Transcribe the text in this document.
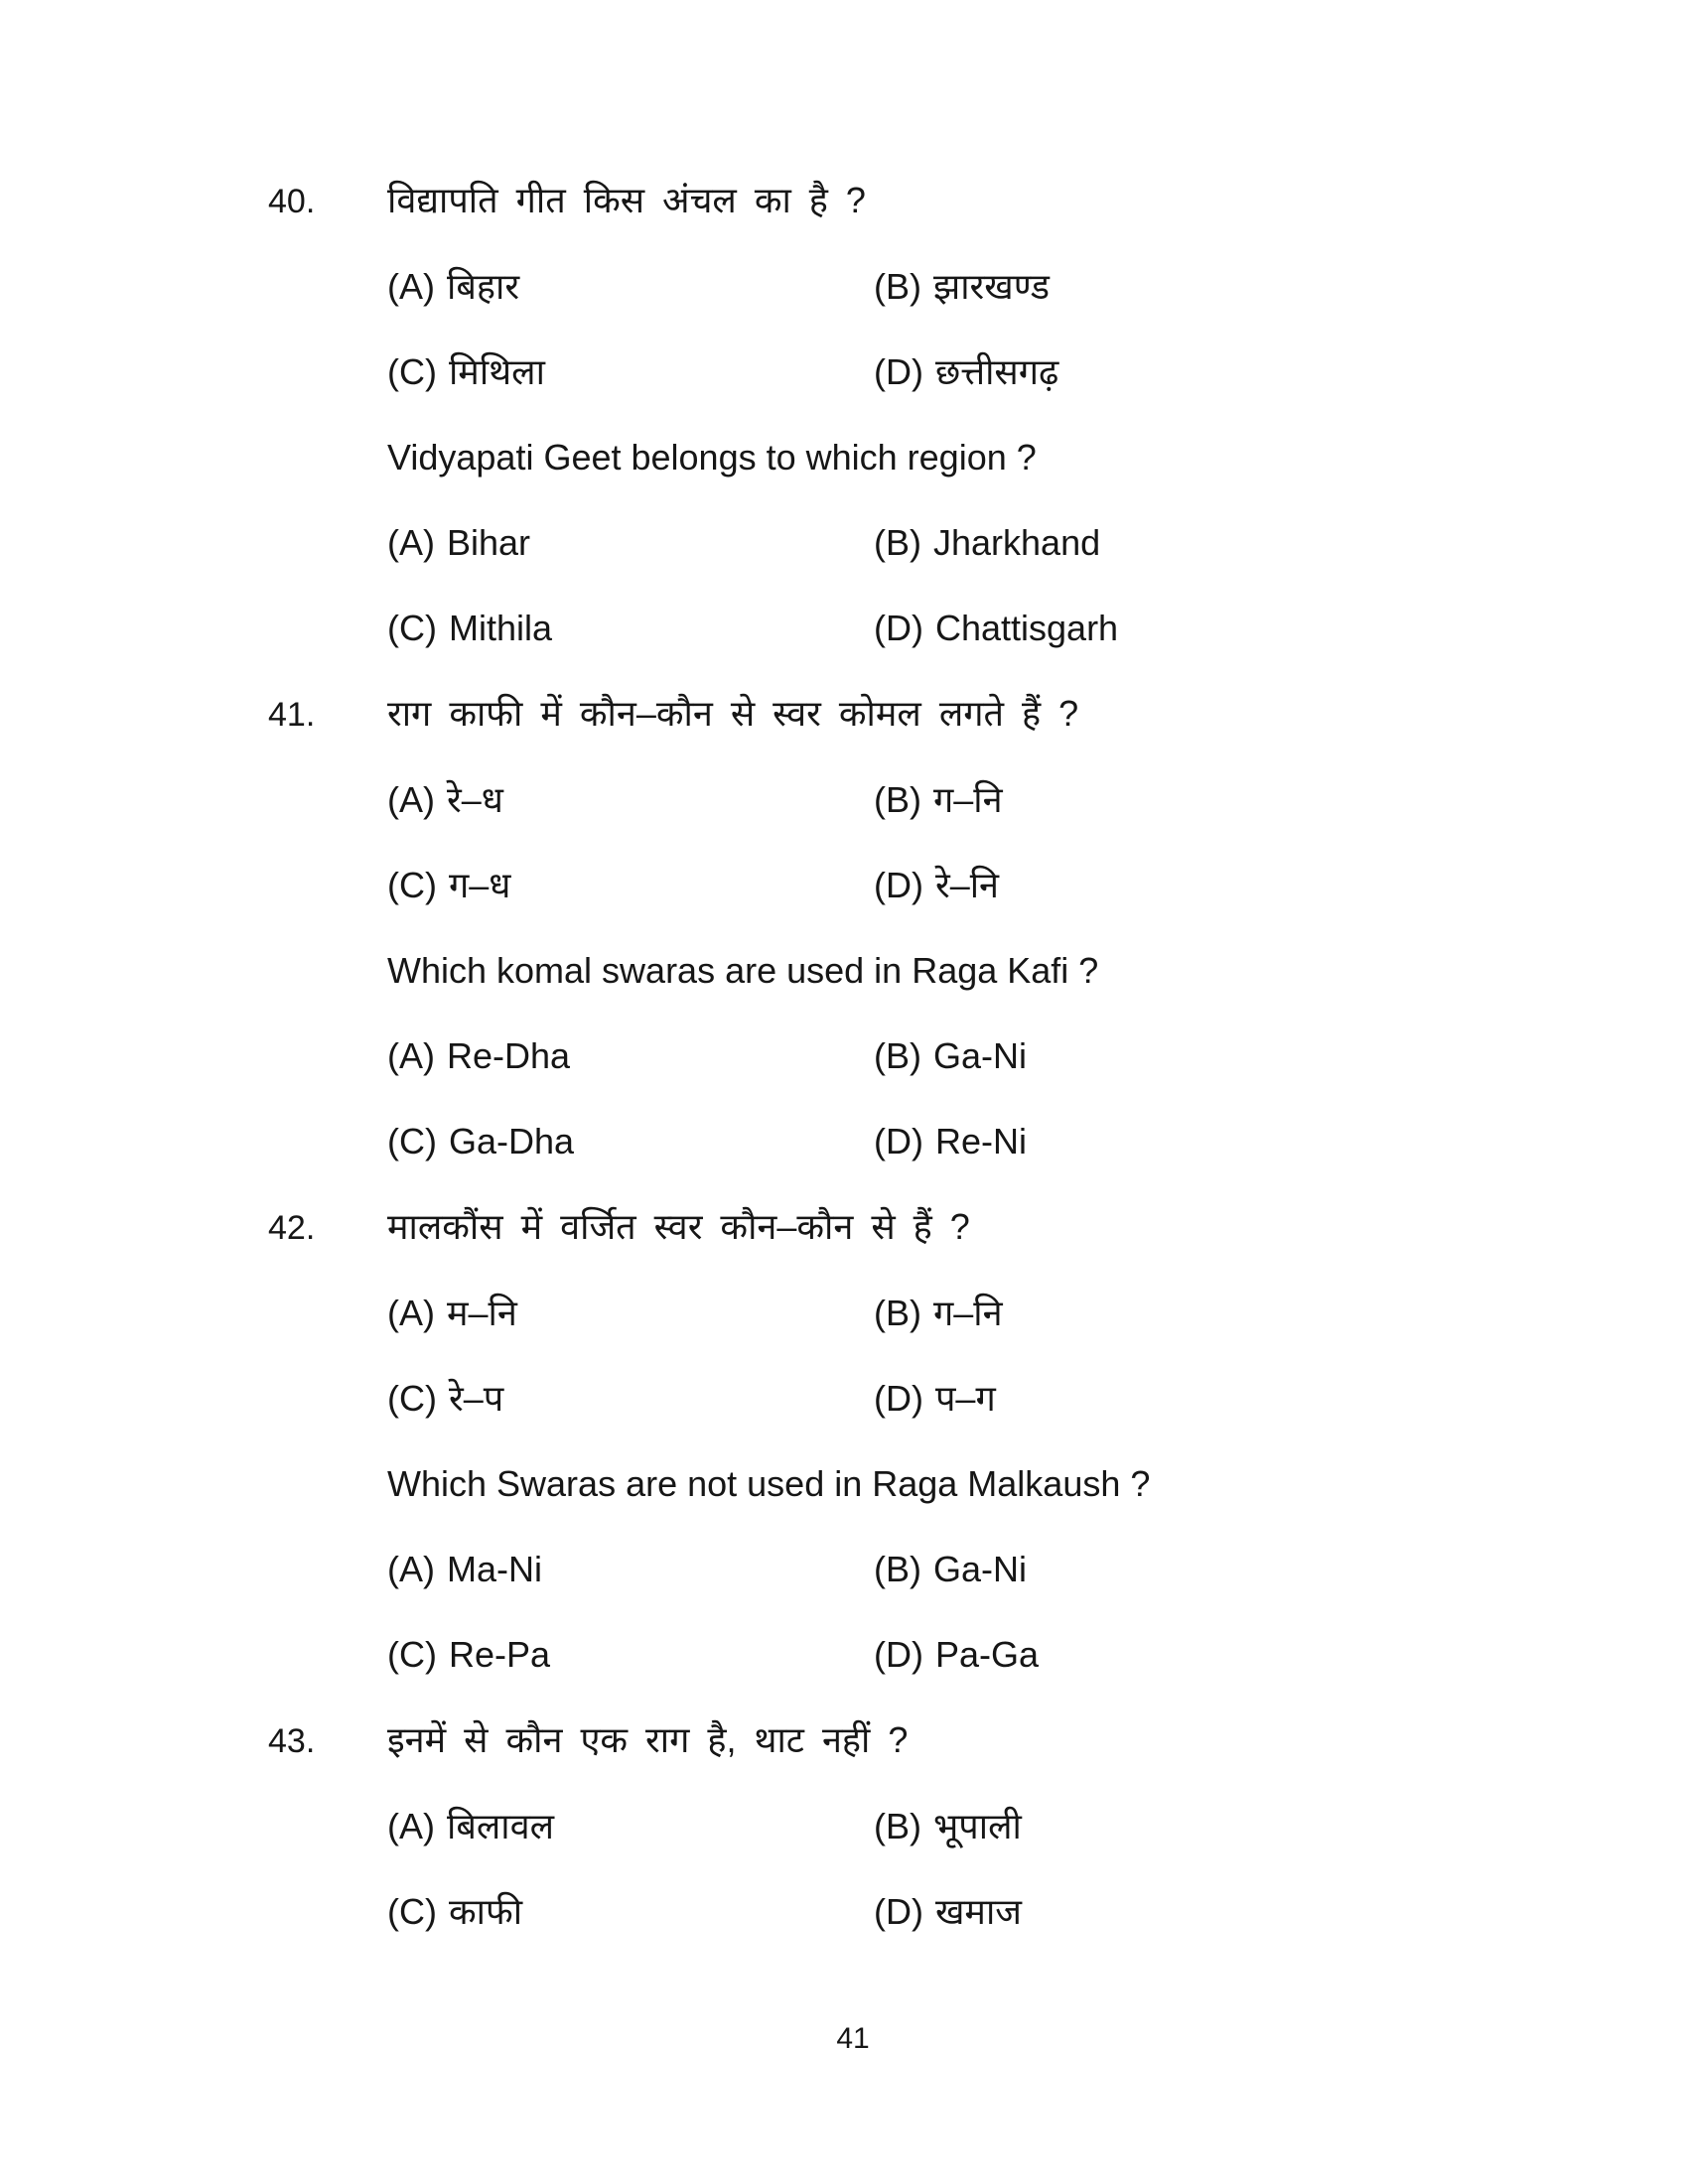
40.	विद्यापति गीत किस अंचल का है ?
(A) बिहार	(B) झारखण्ड
(C) मिथिला	(D) छत्तीसगढ़
Vidyapati Geet belongs to which region ?
(A) Bihar	(B) Jharkhand
(C) Mithila	(D) Chattisgarh
41.	राग काफी में कौन–कौन से स्वर कोमल लगते हैं ?
(A) रे–ध	(B) ग–नि
(C) ग–ध	(D) रे–नि
Which komal swaras are used in Raga Kafi ?
(A) Re-Dha	(B) Ga-Ni
(C) Ga-Dha	(D) Re-Ni
42.	मालकौंस में वर्जित स्वर कौन–कौन से हैं ?
(A) म–नि	(B) ग–नि
(C) रे–प	(D) प–ग
Which Swaras are not used in Raga Malkaush ?
(A) Ma-Ni	(B) Ga-Ni
(C) Re-Pa	(D) Pa-Ga
43.	इनमें से कौन एक राग है, थाट नहीं ?
(A) बिलावल	(B) भूपाली
(C) काफी	(D) खमाज
41
